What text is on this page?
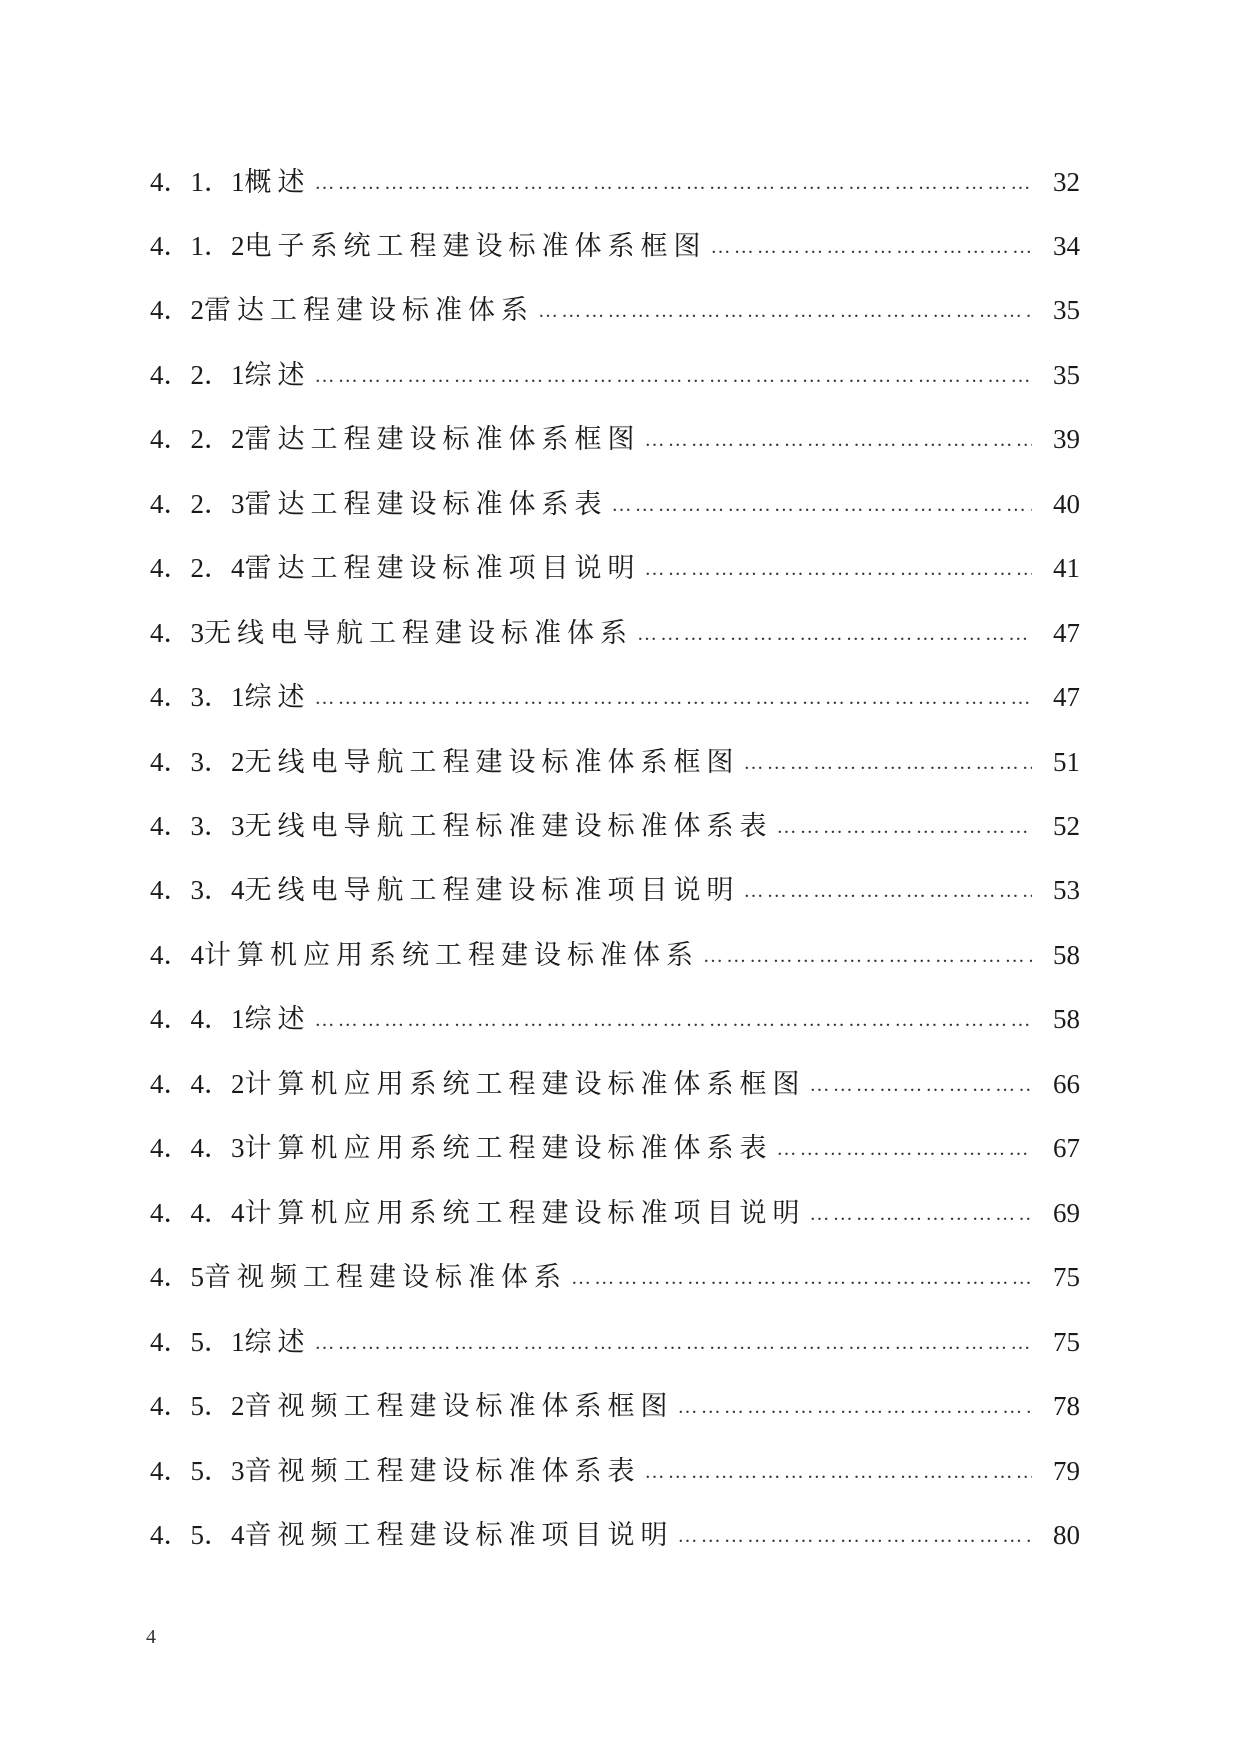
4．1．1 概述 …………………………………………………………………………………………………………………………………………………………	32
4．1．2 电子系统工程建设标准体系框图 …………………………………………………………………………………………………………………………………………………………	34
4．2 雷达工程建设标准体系 …………………………………………………………………………………………………………………………………………………………	35
4．2．1 综述 …………………………………………………………………………………………………………………………………………………………	35
4．2．2 雷达工程建设标准体系框图 …………………………………………………………………………………………………………………………………………………………	39
4．2．3 雷达工程建设标准体系表 …………………………………………………………………………………………………………………………………………………………	40
4．2．4 雷达工程建设标准项目说明 …………………………………………………………………………………………………………………………………………………………	41
4．3 无线电导航工程建设标准体系 …………………………………………………………………………………………………………………………………………………………	47
4．3．1 综述 …………………………………………………………………………………………………………………………………………………………	47
4．3．2 无线电导航工程建设标准体系框图 …………………………………………………………………………………………………………………………………………………………	51
4．3．3 无线电导航工程标准建设标准体系表 …………………………………………………………………………………………………………………………………………………………	52
4．3．4 无线电导航工程建设标准项目说明 …………………………………………………………………………………………………………………………………………………………	53
4．4 计算机应用系统工程建设标准体系 …………………………………………………………………………………………………………………………………………………………	58
4．4．1 综述 …………………………………………………………………………………………………………………………………………………………	58
4．4．2 计算机应用系统工程建设标准体系框图 …………………………………………………………………………………………………………………………………………………………	66
4．4．3 计算机应用系统工程建设标准体系表 …………………………………………………………………………………………………………………………………………………………	67
4．4．4 计算机应用系统工程建设标准项目说明 …………………………………………………………………………………………………………………………………………………………	69
4．5 音视频工程建设标准体系 …………………………………………………………………………………………………………………………………………………………	75
4．5．1 综述 …………………………………………………………………………………………………………………………………………………………	75
4．5．2 音视频工程建设标准体系框图 …………………………………………………………………………………………………………………………………………………………	78
4．5．3 音视频工程建设标准体系表 …………………………………………………………………………………………………………………………………………………………	79
4．5．4 音视频工程建设标准项目说明 …………………………………………………………………………………………………………………………………………………………	80
4
